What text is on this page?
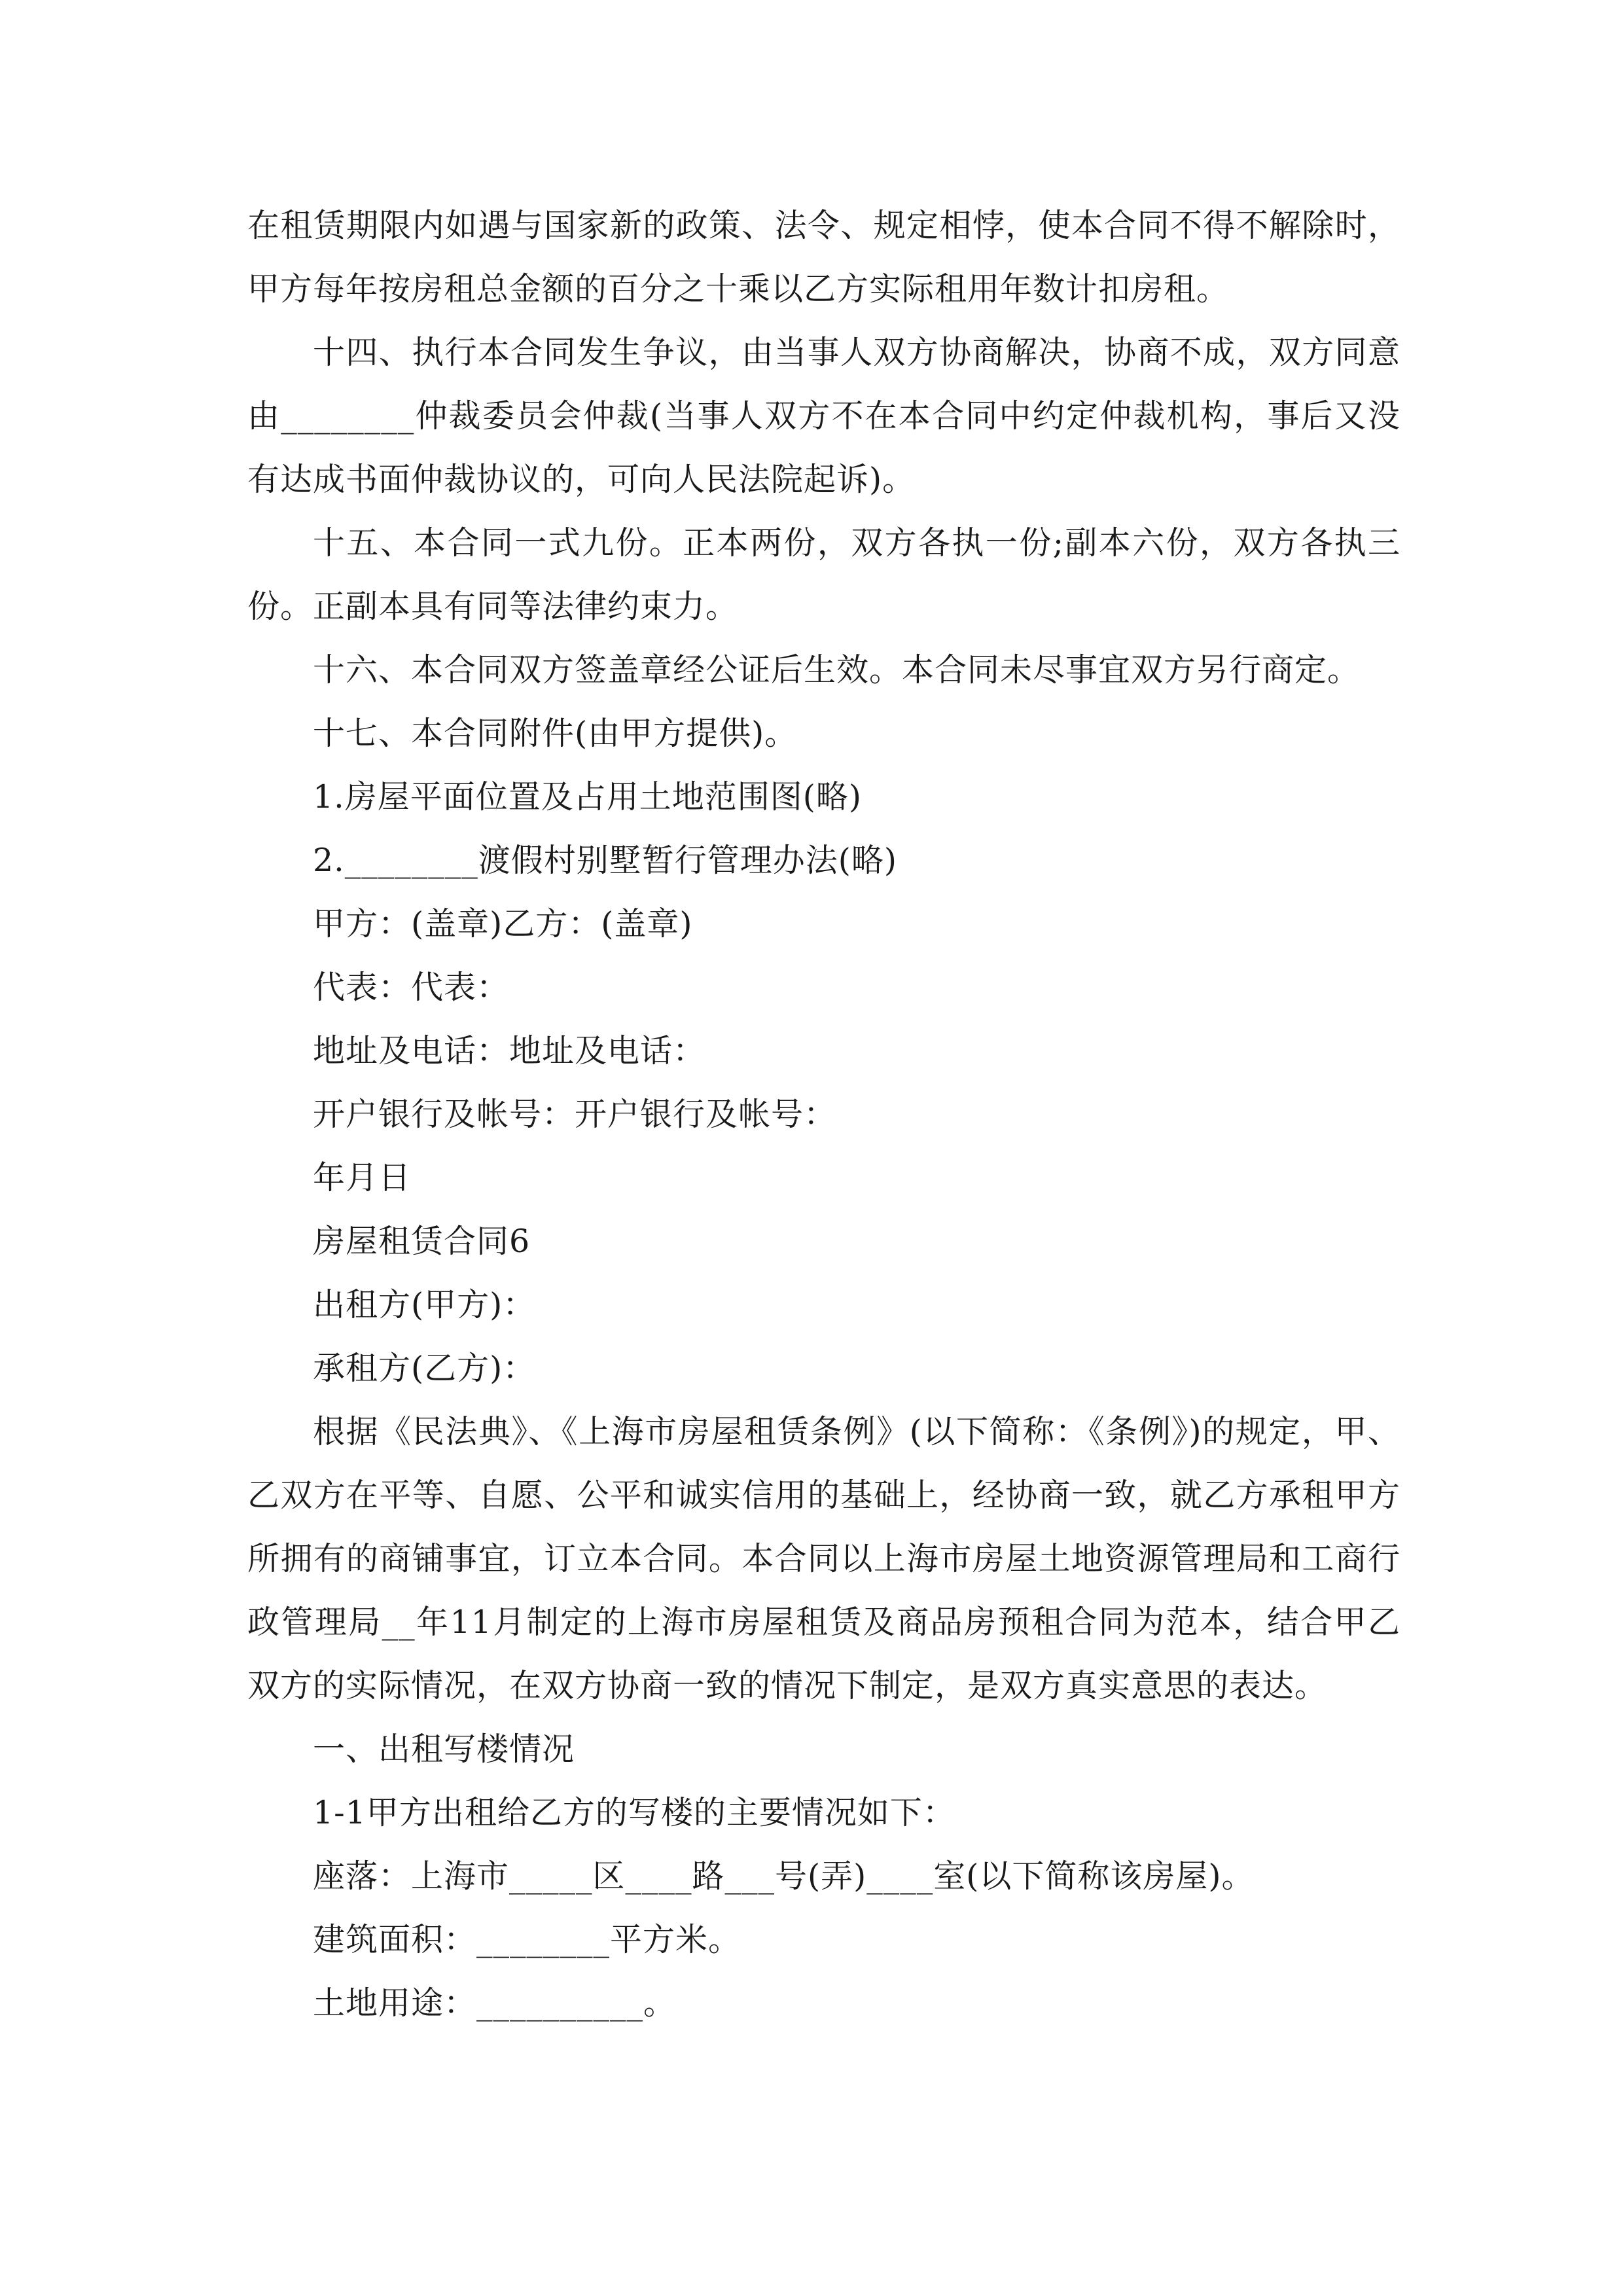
在租赁期限内如遇与国家新的政策、法令、规定相悖，使本合同不得不解除时，甲方每年按房租总金额的百分之十乘以乙方实际租用年数计扣房租。

十四、执行本合同发生争议，由当事人双方协商解决，协商不成，双方同意由________仲裁委员会仲裁(当事人双方不在本合同中约定仲裁机构，事后又没有达成书面仲裁协议的，可向人民法院起诉)。

十五、本合同一式九份。正本两份，双方各执一份;副本六份，双方各执三份。正副本具有同等法律约束力。

十六、本合同双方签盖章经公证后生效。本合同未尽事宜双方另行商定。

十七、本合同附件(由甲方提供)。

1.房屋平面位置及占用土地范围图(略)

2.________渡假村别墅暂行管理办法(略)

甲方：(盖章)乙方：(盖章)

代表：代表：

地址及电话：地址及电话：

开户银行及帐号：开户银行及帐号：

年月日

房屋租赁合同6

出租方(甲方)：

承租方(乙方)：

根据《民法典》、《上海市房屋租赁条例》(以下简称：《条例》)的规定，甲、乙双方在平等、自愿、公平和诚实信用的基础上，经协商一致，就乙方承租甲方所拥有的商铺事宜，订立本合同。本合同以上海市房屋土地资源管理局和工商行政管理局__年11月制定的上海市房屋租赁及商品房预租合同为范本，结合甲乙双方的实际情况，在双方协商一致的情况下制定，是双方真实意思的表达。

一、出租写楼情况

1-1甲方出租给乙方的写楼的主要情况如下：

座落：上海市_____区____路___号(弄)____室(以下简称该房屋)。

建筑面积：________平方米。

土地用途：__________。
